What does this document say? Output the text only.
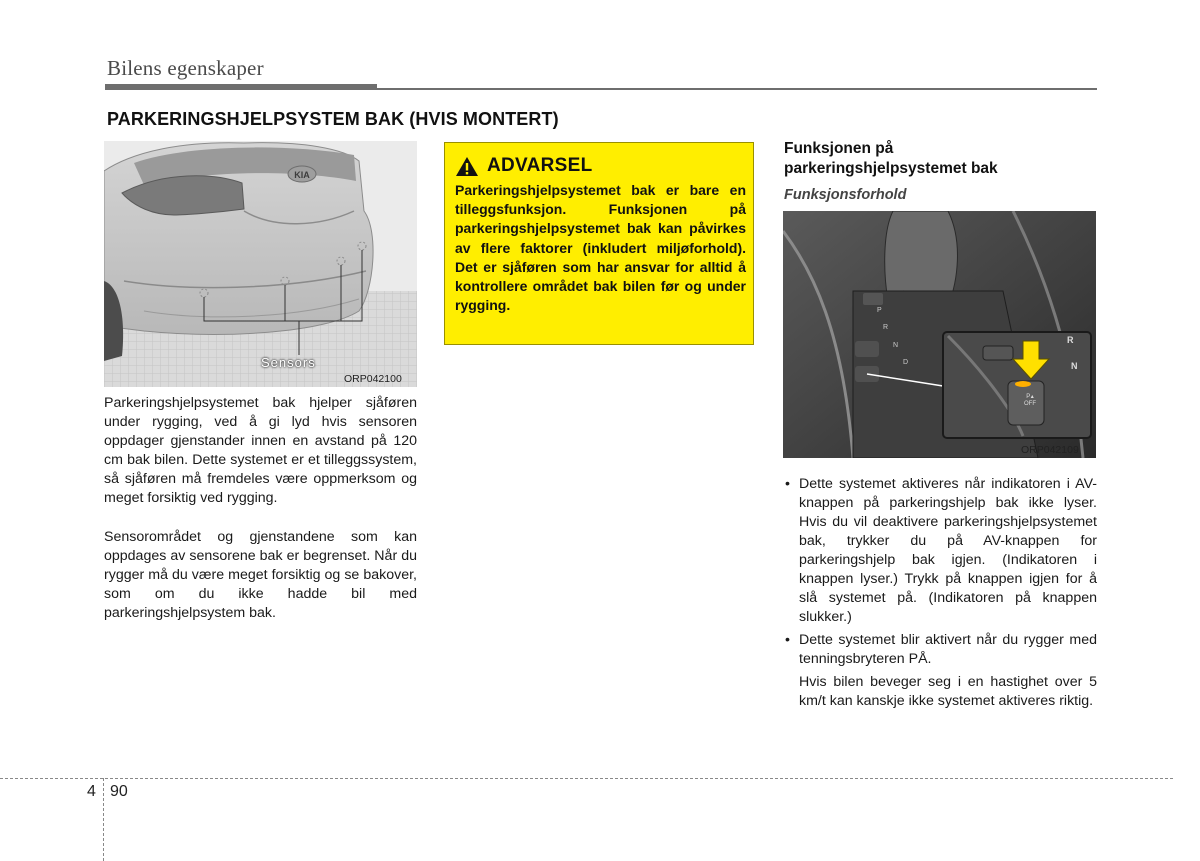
Bilens egenskaper
PARKERINGSHJELPSYSTEM BAK (HVIS MONTERT)
KIA
Sensors
ORP042100
Parkeringshjelpsystemet bak hjelper sjåføren under rygging, ved å gi lyd hvis sensoren oppdager gjenstander innen en avstand på 120 cm bak bilen. Dette systemet er et tilleggssystem, så sjåføren må fremdeles være oppmerksom og meget forsiktig ved rygging.
Sensorområdet og gjenstandene som kan oppdages av sensorene bak er begrenset. Når du rygger må du være meget forsiktig og se bakover, som om du ikke hadde bil med parkeringshjelpsystem bak.
ADVARSEL
Parkeringshjelpsystemet bak er bare en tilleggsfunksjon. Funksjonen på parkeringshjelpsystemet bak kan påvirkes av flere faktorer (inkludert miljøforhold). Det er sjåføren som har ansvar for alltid å kontrollere området bak bilen før og under rygging.
Funksjonen på
parkeringshjelpsystemet bak
Funksjonsforhold
P
R
N
D
R
N
P ▴
OFF
ORP042109
• Dette systemet aktiveres når indikatoren i AV-knappen på parkeringshjelp bak ikke lyser. Hvis du vil deaktivere parkeringshjelpsystemet bak, trykker du på AV-knappen for parkeringshjelp bak igjen. (Indikatoren i knappen lyser.) Trykk på knappen igjen for å slå systemet på. (Indikatoren på knappen slukker.)
• Dette systemet blir aktivert når du rygger med tenningsbryteren PÅ.
Hvis bilen beveger seg i en hastighet over 5 km/t kan kanskje ikke systemet aktiveres riktig.
4 90
